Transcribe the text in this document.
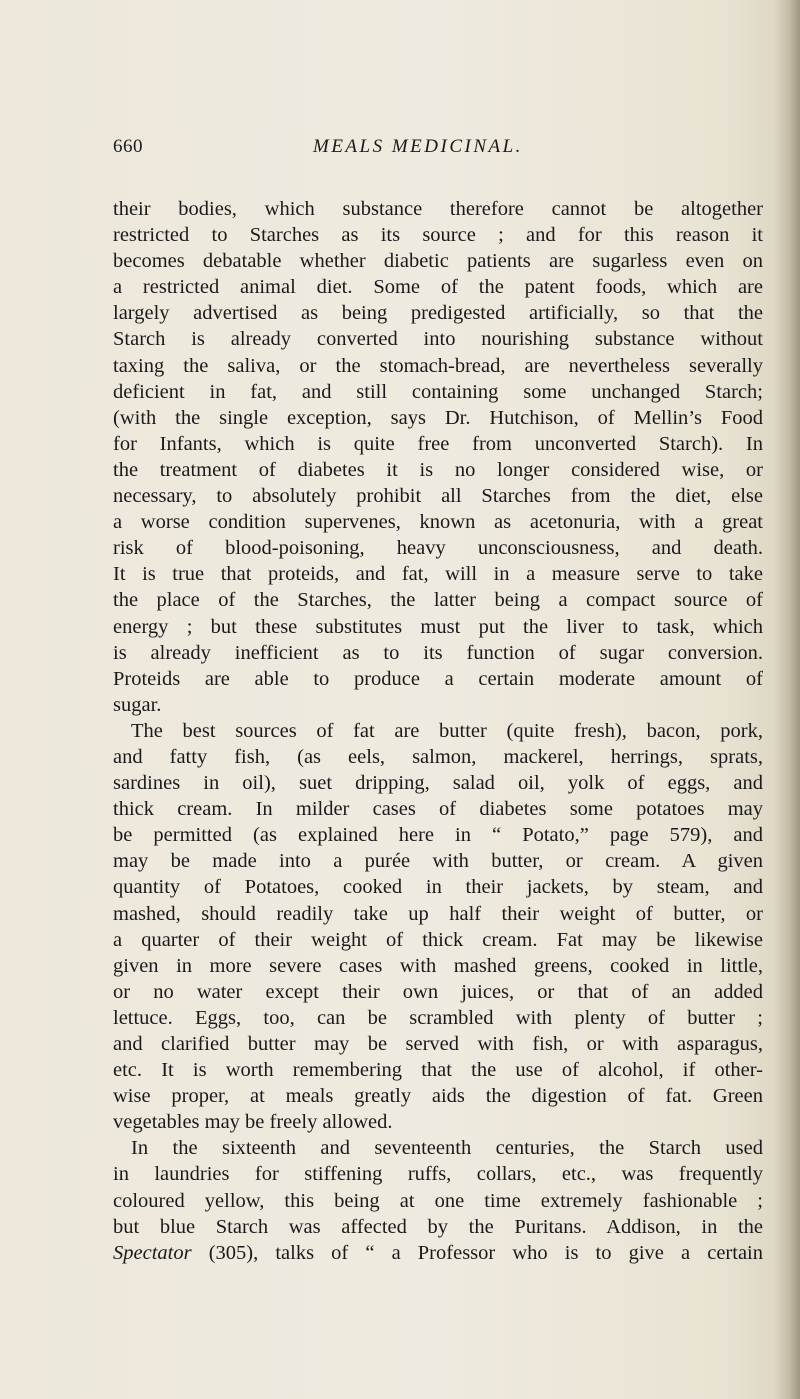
660	MEALS MEDICINAL.

their bodies, which substance therefore cannot be altogether
restricted to Starches as its source ; and for this reason it
becomes debatable whether diabetic patients are sugarless even on
a restricted animal diet. Some of the patent foods, which are
largely advertised as being predigested artificially, so that the
Starch is already converted into nourishing substance without
taxing the saliva, or the stomach-bread, are nevertheless severally
deficient in fat, and still containing some unchanged Starch;
(with the single exception, says Dr. Hutchison, of Mellin’s Food
for Infants, which is quite free from unconverted Starch). In
the treatment of diabetes it is no longer considered wise, or
necessary, to absolutely prohibit all Starches from the diet, else
a worse condition supervenes, known as acetonuria, with a great
risk of blood-poisoning, heavy unconsciousness, and death.
It is true that proteids, and fat, will in a measure serve to take
the place of the Starches, the latter being a compact source of
energy ; but these substitutes must put the liver to task, which
is already inefficient as to its function of sugar conversion.
Proteids are able to produce a certain moderate amount of
sugar.

The best sources of fat are butter (quite fresh), bacon, pork,
and fatty fish, (as eels, salmon, mackerel, herrings, sprats,
sardines in oil), suet dripping, salad oil, yolk of eggs, and
thick cream. In milder cases of diabetes some potatoes may
be permitted (as explained here in “ Potato,” page 579), and
may be made into a purée with butter, or cream. A given
quantity of Potatoes, cooked in their jackets, by steam, and
mashed, should readily take up half their weight of butter, or
a quarter of their weight of thick cream. Fat may be likewise
given in more severe cases with mashed greens, cooked in little,
or no water except their own juices, or that of an added
lettuce. Eggs, too, can be scrambled with plenty of butter ;
and clarified butter may be served with fish, or with asparagus,
etc. It is worth remembering that the use of alcohol, if other-
wise proper, at meals greatly aids the digestion of fat. Green
vegetables may be freely allowed.

In the sixteenth and seventeenth centuries, the Starch used
in laundries for stiffening ruffs, collars, etc., was frequently
coloured yellow, this being at one time extremely fashionable ;
but blue Starch was affected by the Puritans. Addison, in the
Spectator (305), talks of “ a Professor who is to give a certain
